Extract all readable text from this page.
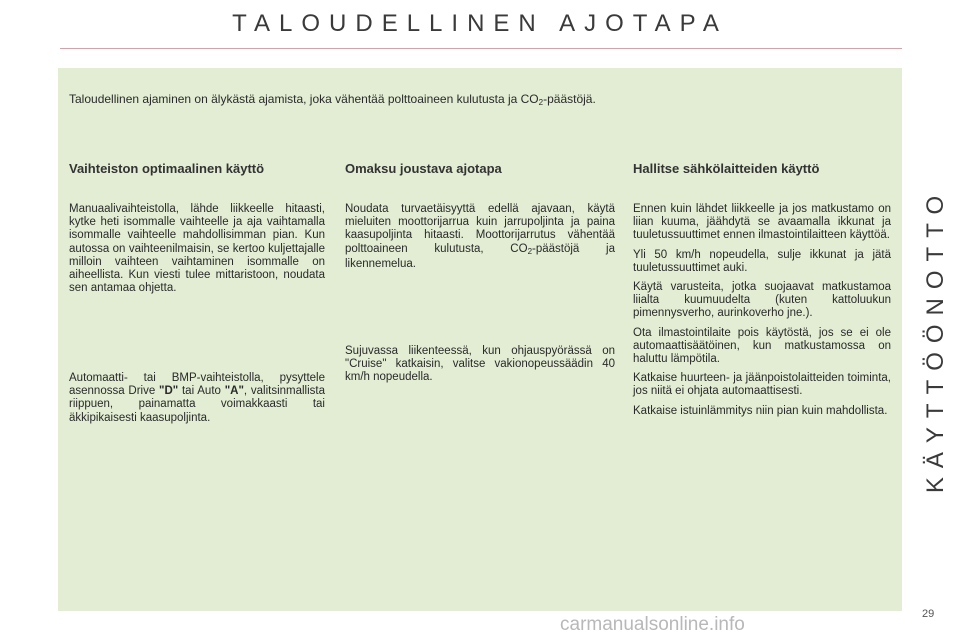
TALOUDELLINEN AJOTAPA
Taloudellinen ajaminen on älykästä ajamista, joka vähentää polttoaineen kulutusta ja $CO_2$-päästöjä.
Vaihteiston optimaalinen käyttö
Manuaalivaihteistolla, lähde liikkeelle hitaasti, kytke heti isommalle vaihteelle ja aja vaihtamalla isommalle vaihteelle mahdollisimman pian. Kun autossa on vaihteenilmaisin, se kertoo kuljettajalle milloin vaihteen vaihtaminen isommalle on aiheellista. Kun viesti tulee mittaristoon, noudata sen antamaa ohjetta.
Automaatti- tai BMP-vaihteistolla, pysyttele asennossa Drive "D" tai Auto "A", valitsinmallista riippuen, painamatta voimakkaasti tai äkkipikaisesti kaasupoljinta.
Omaksu joustava ajotapa
Noudata turvaetäisyyttä edellä ajavaan, käytä mieluiten moottorijarrua kuin jarrupoljinta ja paina kaasupoljinta hitaasti. Moottorijarrutus vähentää polttoaineen kulutusta, $CO_2$-päästöjä ja likennemelua.
Sujuvassa liikenteessä, kun ohjauspyörässä on "Cruise" katkaisin, valitse vakionopeussäädin 40 km/h nopeudella.
Hallitse sähkölaitteiden käyttö

Ennen kuin lähdet liikkeelle ja jos matkustamo on liian kuuma, jäähdytä se avaamalla ikkunat ja tuuletussuuttimet ennen ilmastointilaitteen käyttöä.

Yli 50 km/h nopeudella, sulje ikkunat ja jätä tuuletussuuttimet auki.

Käytä varusteita, jotka suojaavat matkustamoa liialta kuumuudelta (kuten kattoluukun pimennysverho, aurinkoverho jne.).

Ota ilmastointilaite pois käytöstä, jos se ei ole automaattisäätöinen, kun matkustamossa on haluttu lämpötila.

Katkaise huurteen- ja jäänpoistolaitteiden toiminta, jos niitä ei ohjata automaattisesti.

Katkaise istuinlämmitys niin pian kuin mahdollista. KÄYTTÖÖNOTTO
29
carmanualsonline.info
